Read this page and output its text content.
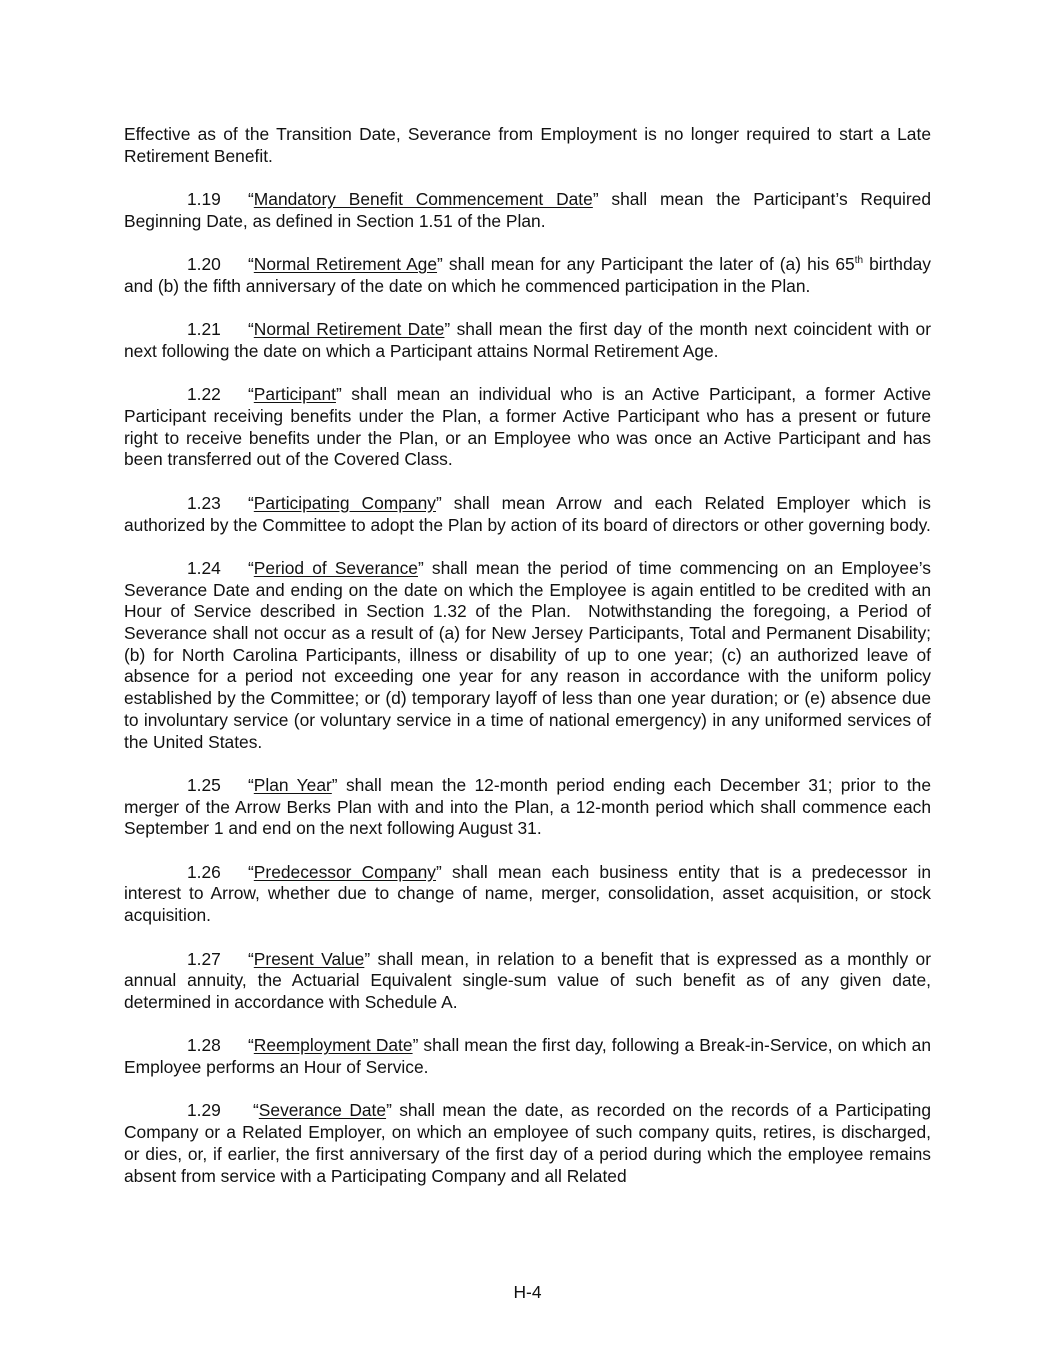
Effective as of the Transition Date, Severance from Employment is no longer required to start a Late Retirement Benefit.

1.19 “Mandatory Benefit Commencement Date” shall mean the Participant’s Required Beginning Date, as defined in Section 1.51 of the Plan.

1.20 “Normal Retirement Age” shall mean for any Participant the later of (a) his 65th birthday and (b) the fifth anniversary of the date on which he commenced participation in the Plan.

1.21 “Normal Retirement Date” shall mean the first day of the month next coincident with or next following the date on which a Participant attains Normal Retirement Age.

1.22 “Participant” shall mean an individual who is an Active Participant, a former Active Participant receiving benefits under the Plan, a former Active Participant who has a present or future right to receive benefits under the Plan, or an Employee who was once an Active Participant and has been transferred out of the Covered Class.

1.23 “Participating Company” shall mean Arrow and each Related Employer which is authorized by the Committee to adopt the Plan by action of its board of directors or other governing body.

1.24 “Period of Severance” shall mean the period of time commencing on an Employee’s Severance Date and ending on the date on which the Employee is again entitled to be credited with an Hour of Service described in Section 1.32 of the Plan.  Notwithstanding the foregoing, a Period of Severance shall not occur as a result of (a) for New Jersey Participants, Total and Permanent Disability; (b) for North Carolina Participants, illness or disability of up to one year; (c) an authorized leave of absence for a period not exceeding one year for any reason in accordance with the uniform policy established by the Committee; or (d) temporary layoff of less than one year duration; or (e) absence due to involuntary service (or voluntary service in a time of national emergency) in any uniformed services of the United States.

1.25 “Plan Year” shall mean the 12-month period ending each December 31; prior to the merger of the Arrow Berks Plan with and into the Plan, a 12-month period which shall commence each September 1 and end on the next following August 31.

1.26 “Predecessor Company” shall mean each business entity that is a predecessor in interest to Arrow, whether due to change of name, merger, consolidation, asset acquisition, or stock acquisition.

1.27 “Present Value” shall mean, in relation to a benefit that is expressed as a monthly or annual annuity, the Actuarial Equivalent single-sum value of such benefit as of any given date, determined in accordance with Schedule A.

1.28 “Reemployment Date” shall mean the first day, following a Break-in-Service, on which an Employee performs an Hour of Service.

1.29 “Severance Date” shall mean the date, as recorded on the records of a Participating Company or a Related Employer, on which an employee of such company quits, retires, is discharged, or dies, or, if earlier, the first anniversary of the first day of a period during which the employee remains absent from service with a Participating Company and all Related

H-4
